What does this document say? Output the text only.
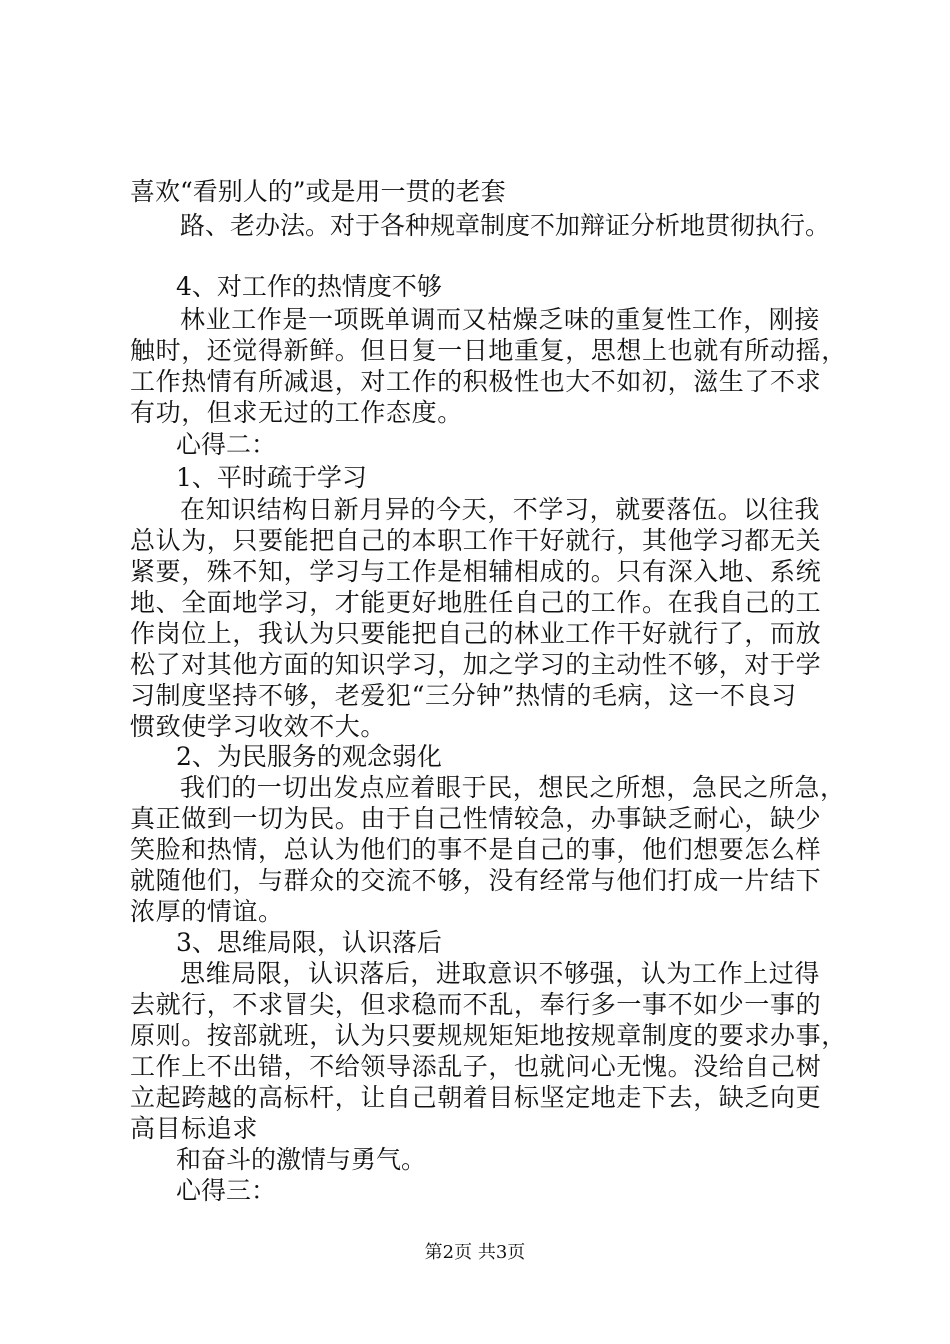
喜欢“看别人的”或是用一贯的老套
路、老办法。对于各种规章制度不加辩证分析地贯彻执行。
4、对工作的热情度不够
林业工作是一项既单调而又枯燥乏味的重复性工作，刚接
触时，还觉得新鲜。但日复一日地重复，思想上也就有所动摇，
工作热情有所减退，对工作的积极性也大不如初，滋生了不求
有功，但求无过的工作态度。
心得二：
1、平时疏于学习
在知识结构日新月异的今天，不学习，就要落伍。以往我
总认为，只要能把自己的本职工作干好就行，其他学习都无关
紧要，殊不知，学习与工作是相辅相成的。只有深入地、系统
地、全面地学习，才能更好地胜任自己的工作。在我自己的工
作岗位上，我认为只要能把自己的林业工作干好就行了，而放
松了对其他方面的知识学习，加之学习的主动性不够，对于学
习制度坚持不够，老爱犯“三分钟”热情的毛病，这一不良习
惯致使学习收效不大。
2、为民服务的观念弱化
我们的一切出发点应着眼于民，想民之所想，急民之所急，
真正做到一切为民。由于自己性情较急，办事缺乏耐心，缺少
笑脸和热情，总认为他们的事不是自己的事，他们想要怎么样
就随他们，与群众的交流不够，没有经常与他们打成一片结下
浓厚的情谊。
3、思维局限，认识落后
思维局限，认识落后，进取意识不够强，认为工作上过得
去就行，不求冒尖，但求稳而不乱，奉行多一事不如少一事的
原则。按部就班，认为只要规规矩矩地按规章制度的要求办事，
工作上不出错，不给领导添乱子，也就问心无愧。没给自己树
立起跨越的高标杆，让自己朝着目标坚定地走下去，缺乏向更
高目标追求
和奋斗的激情与勇气。
心得三：
第2页 共3页
